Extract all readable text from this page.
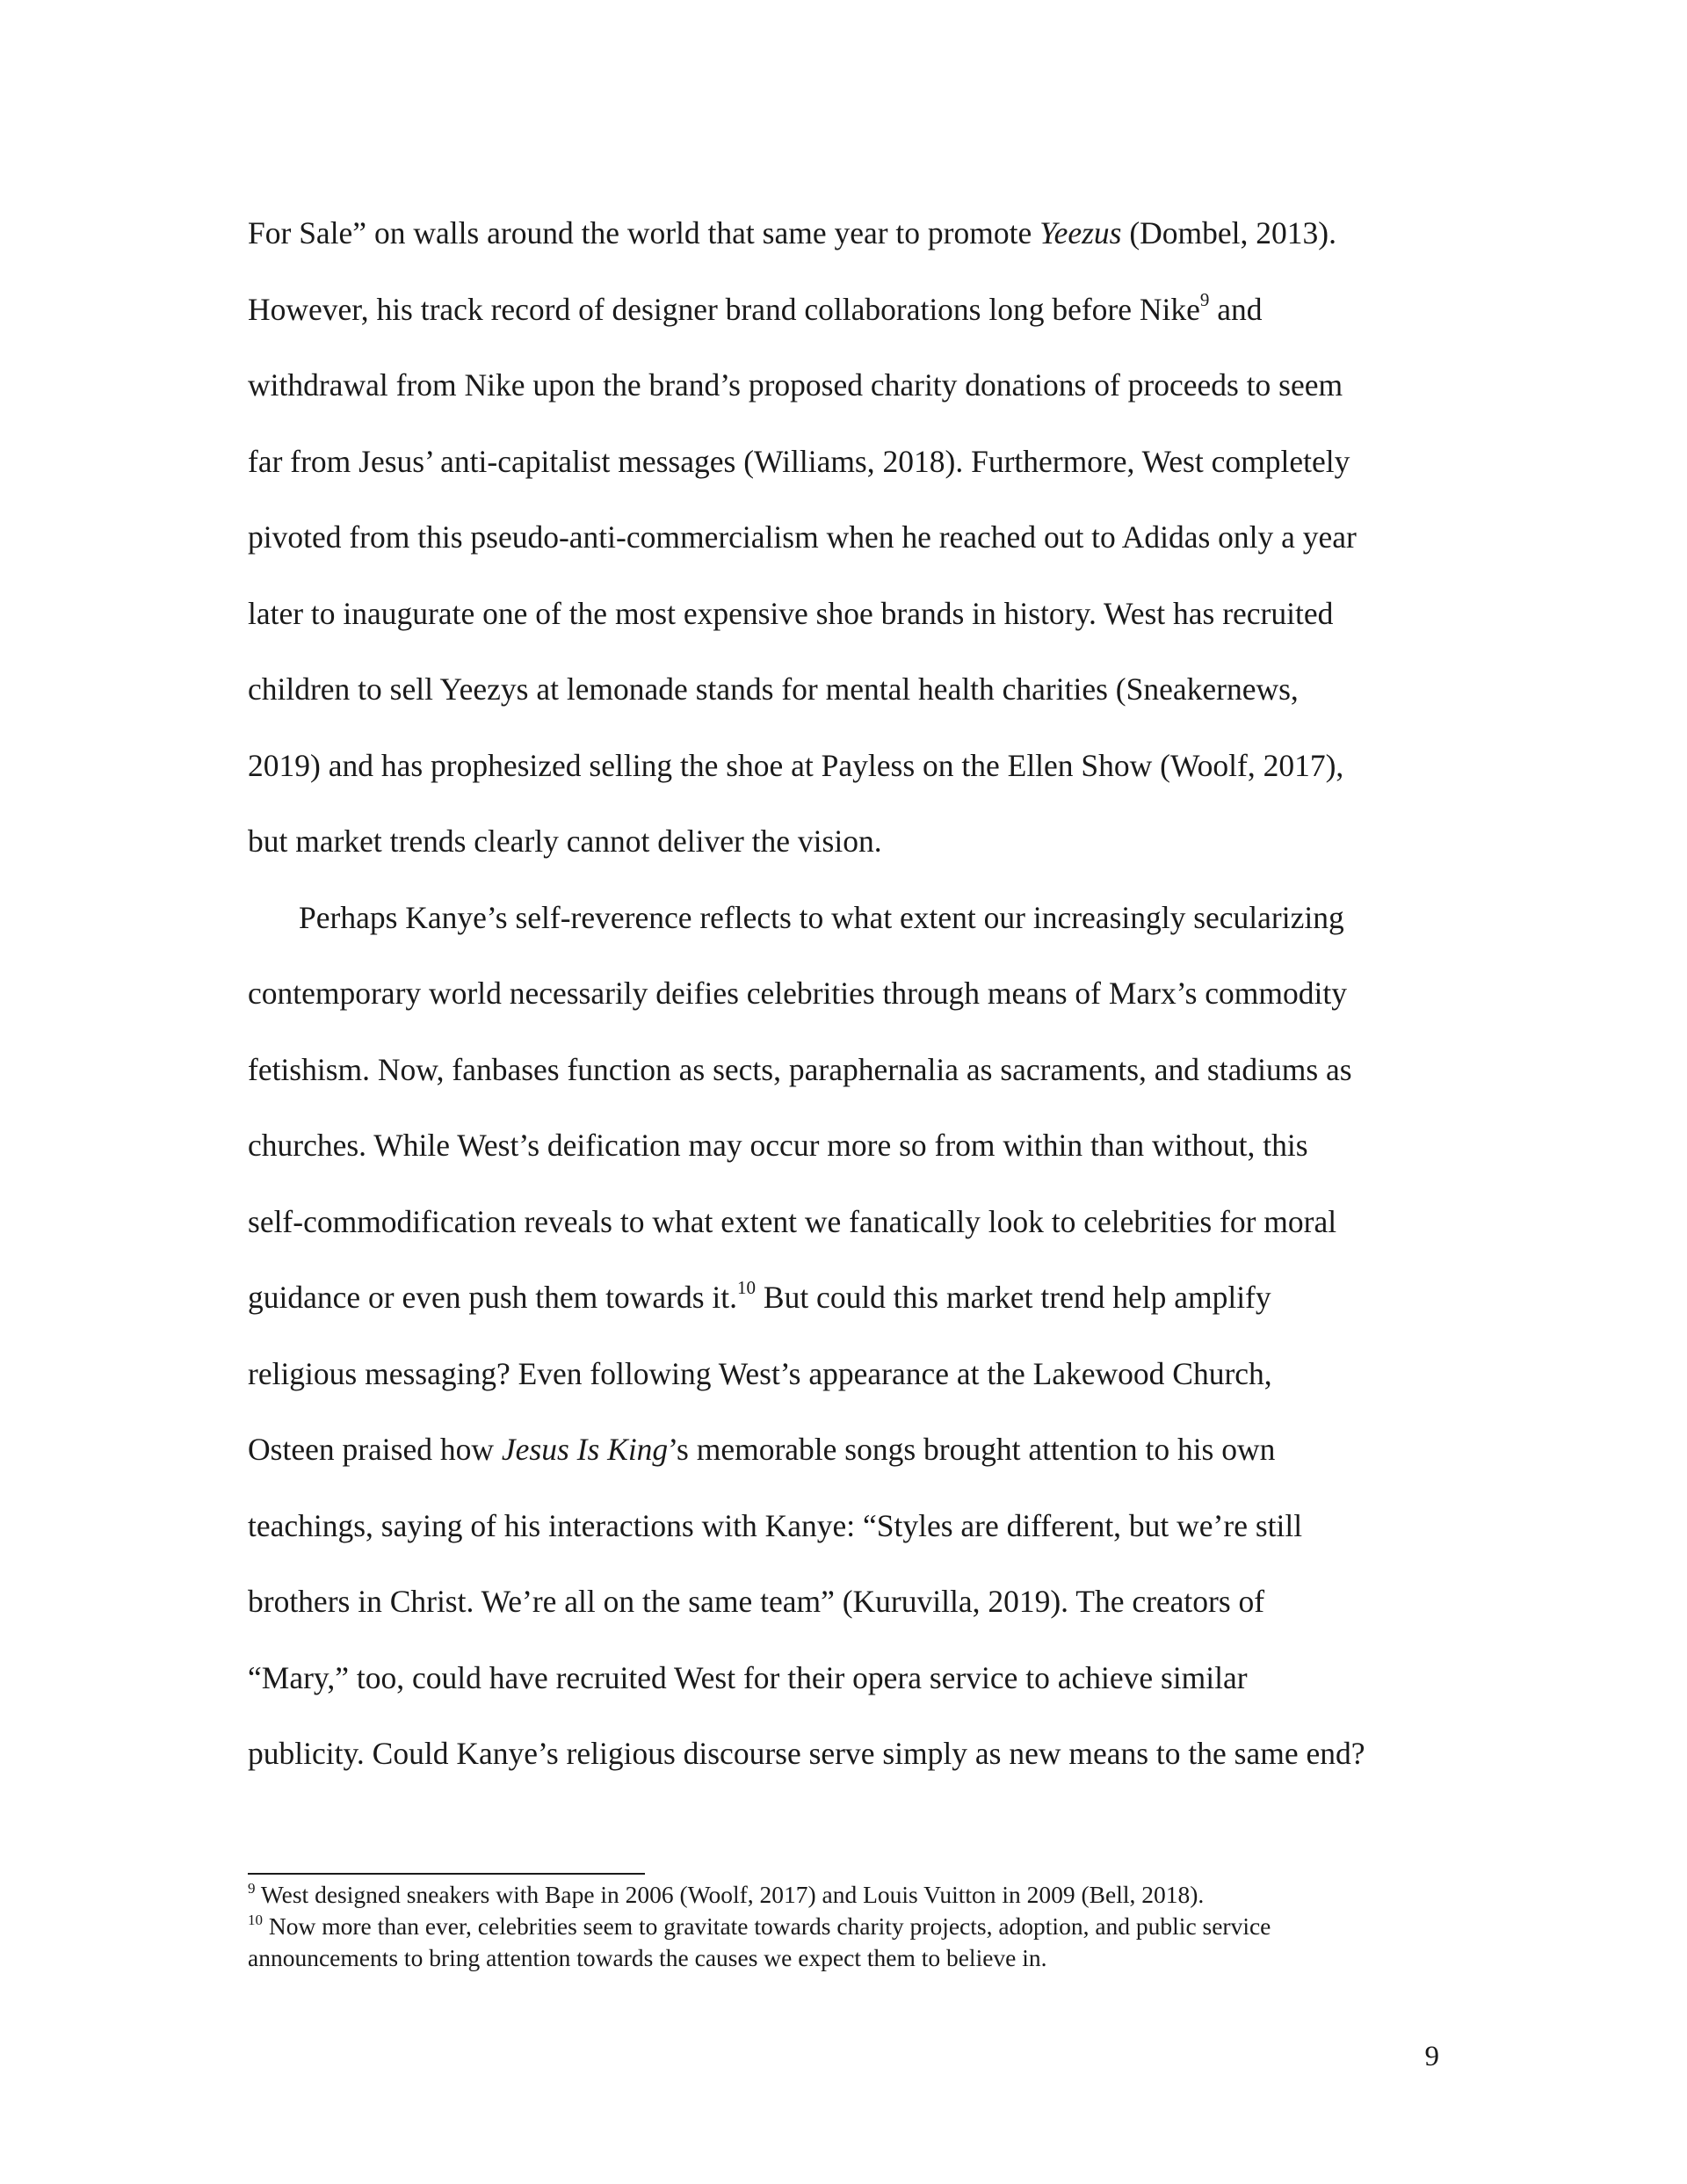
For Sale” on walls around the world that same year to promote Yeezus (Dombel, 2013).
However, his track record of designer brand collaborations long before Nike$^9$ and
withdrawal from Nike upon the brand’s proposed charity donations of proceeds to seem
far from Jesus’ anti-capitalist messages (Williams, 2018). Furthermore, West completely
pivoted from this pseudo-anti-commercialism when he reached out to Adidas only a year
later to inaugurate one of the most expensive shoe brands in history. West has recruited
children to sell Yeezys at lemonade stands for mental health charities (Sneakernews,
2019) and has prophesized selling the shoe at Payless on the Ellen Show (Woolf, 2017),
but market trends clearly cannot deliver the vision.
Perhaps Kanye’s self-reverence reflects to what extent our increasingly secularizing
contemporary world necessarily deifies celebrities through means of Marx’s commodity
fetishism. Now, fanbases function as sects, paraphernalia as sacraments, and stadiums as
churches. While West’s deification may occur more so from within than without, this
self-commodification reveals to what extent we fanatically look to celebrities for moral
guidance or even push them towards it.$^{10}$ But could this market trend help amplify
religious messaging? Even following West’s appearance at the Lakewood Church,
Osteen praised how Jesus Is King’s memorable songs brought attention to his own
teachings, saying of his interactions with Kanye: “Styles are different, but we’re still
brothers in Christ. We’re all on the same team” (Kuruvilla, 2019). The creators of
“Mary,” too, could have recruited West for their opera service to achieve similar
publicity. Could Kanye’s religious discourse serve simply as new means to the same end?
$^9$ West designed sneakers with Bape in 2006 (Woolf, 2017) and Louis Vuitton in 2009 (Bell, 2018).
$^{10}$ Now more than ever, celebrities seem to gravitate towards charity projects, adoption, and public service
announcements to bring attention towards the causes we expect them to believe in.
9
